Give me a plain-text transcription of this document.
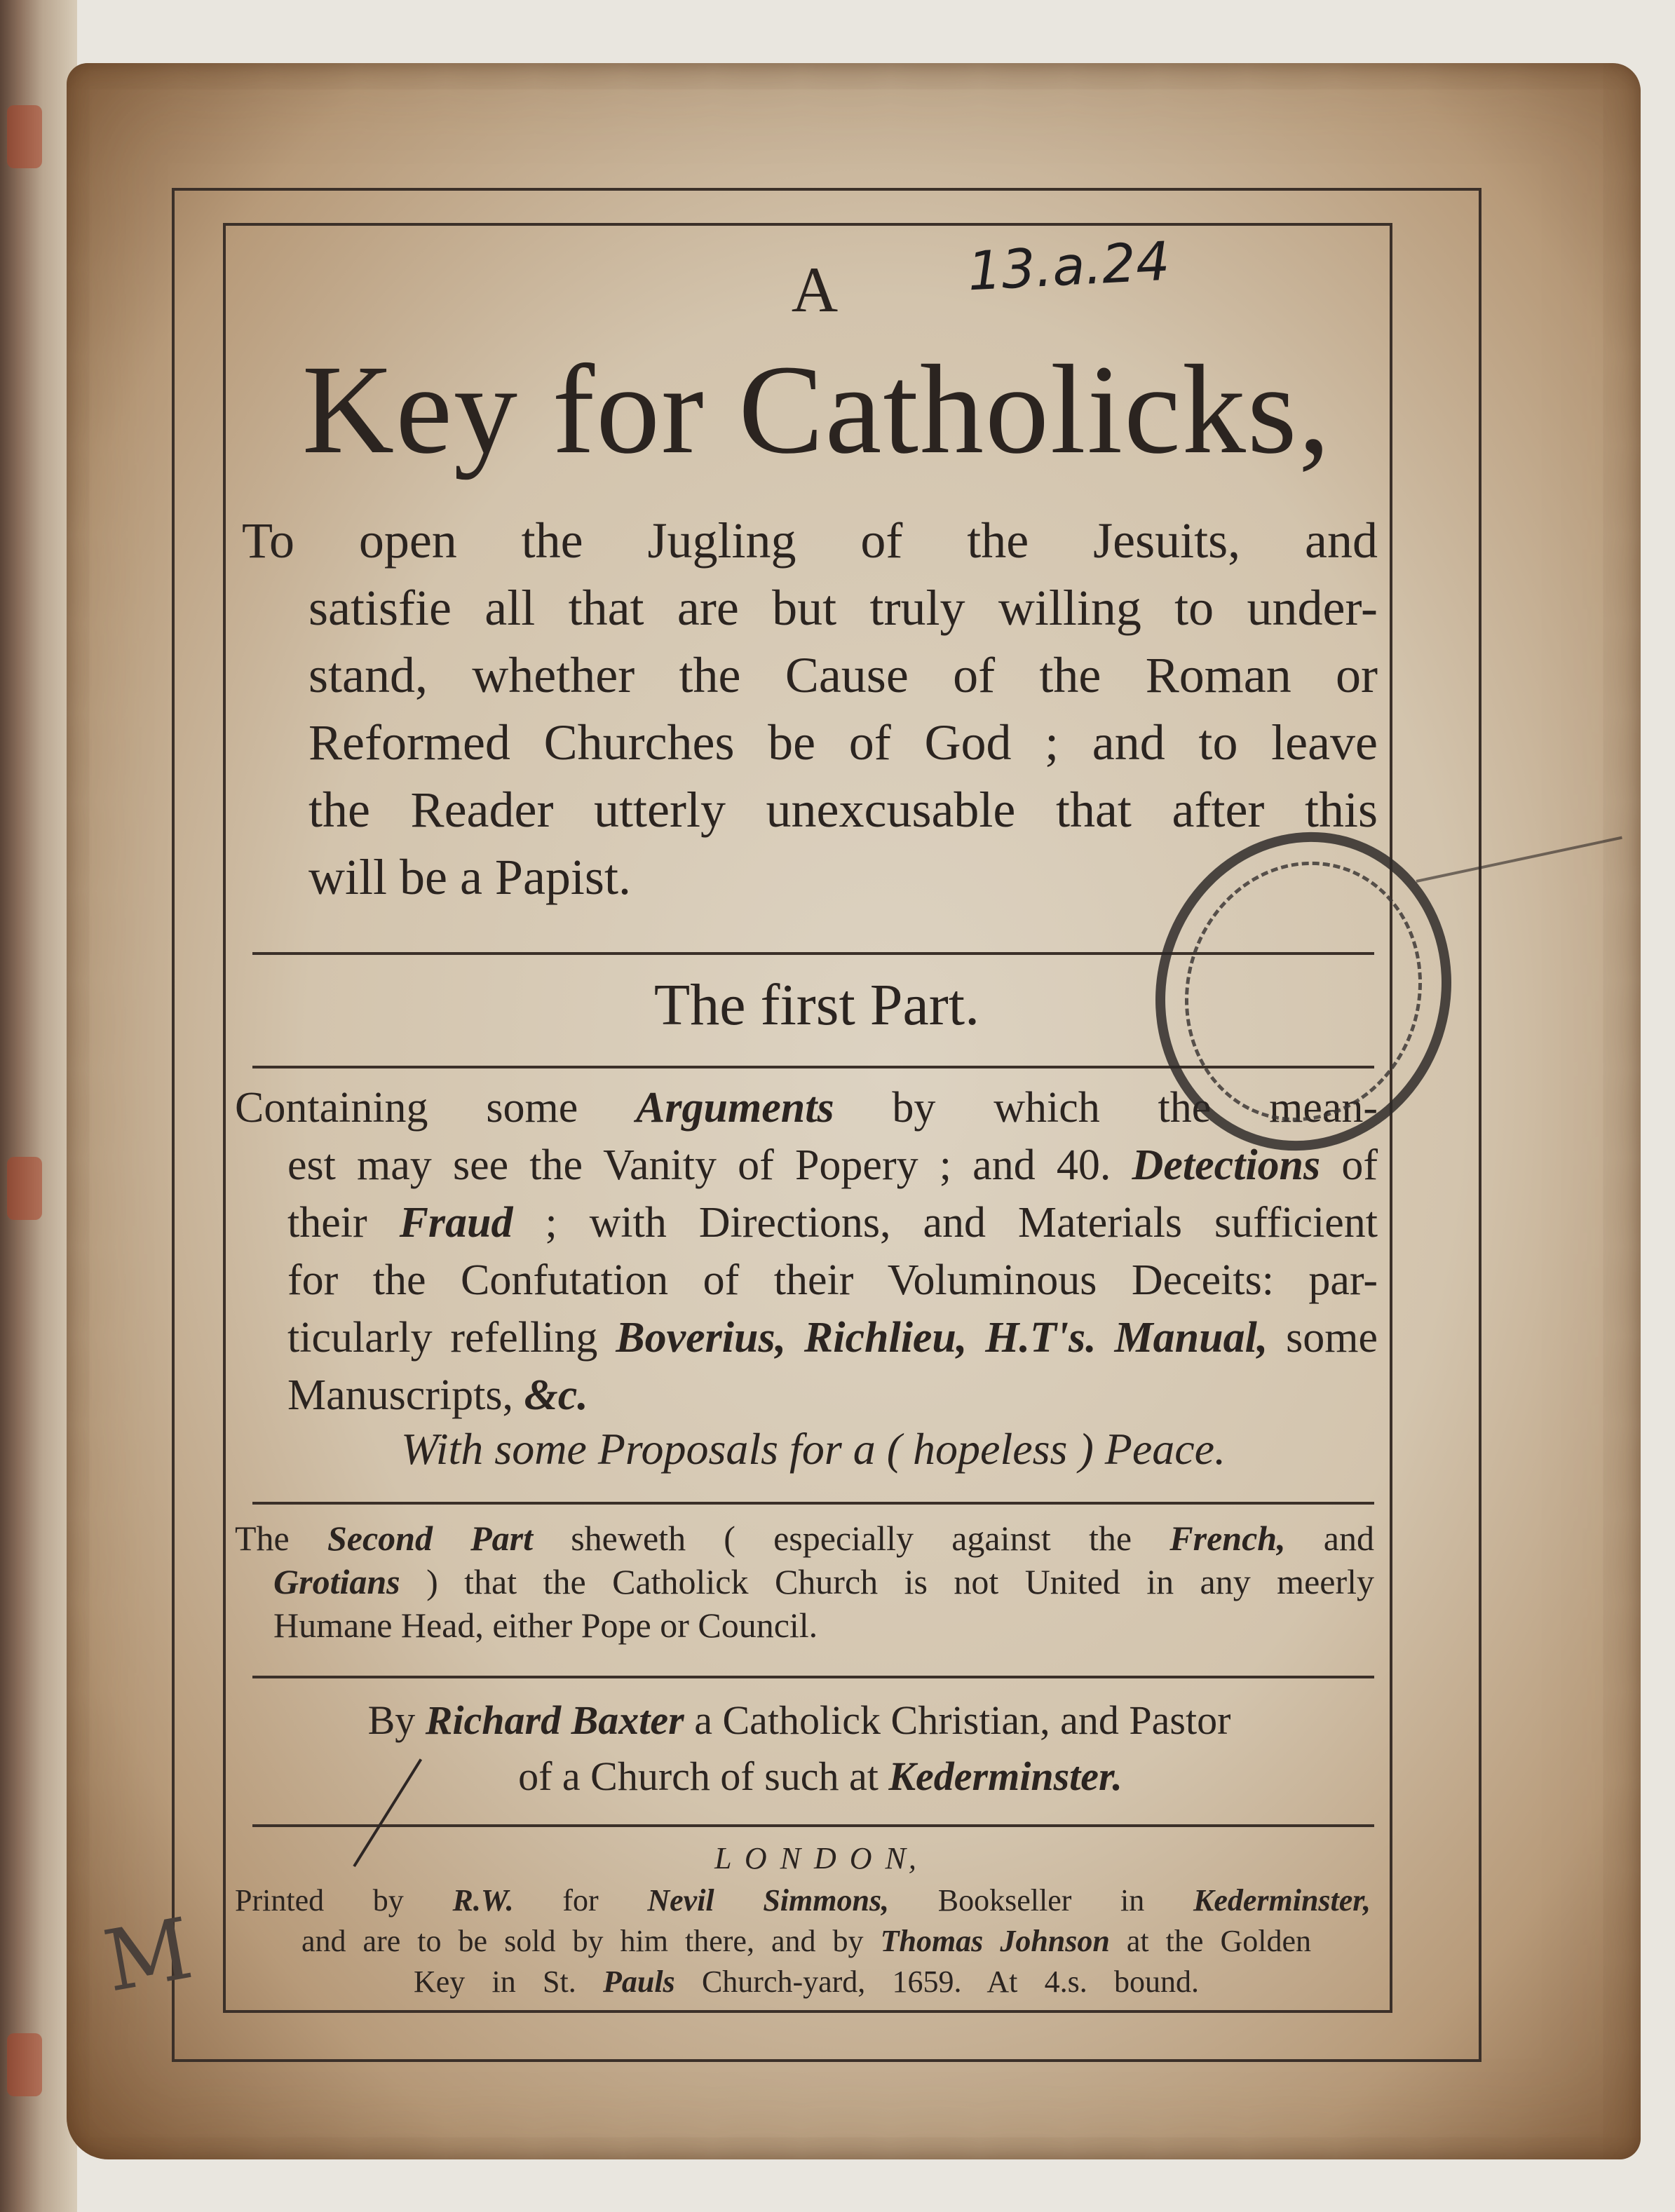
13.a.24
A
Key for Catholicks,
To open the Jugling of the Jesuits, and
satisfie all that are but truly willing to under-
stand, whether the Cause of the Roman or
Reformed Churches be of God ; and to leave
the Reader utterly unexcusable that after this
will be a Papist.
The first Part.
Containing some Arguments by which the mean-
est may see the Vanity of Popery ; and 40. Detections of
their Fraud ; with Directions, and Materials sufficient
for the Confutation of their Voluminous Deceits: par-
ticularly refelling Boverius, Richlieu, H.T's. Manual, some
Manuscripts, &c.
With some Proposals for a ( hopeless ) Peace.
The Second Part sheweth ( especially against the French, and
Grotians ) that the Catholick Church is not United in any meerly
Humane Head, either Pope or Council.
By Richard Baxter a Catholick Christian, and Pastor
of a Church of such at Kederminster.
L O N D O N,
Printed by R.W. for Nevil Simmons, Bookseller in Kederminster,
and are to be sold by him there, and by Thomas Johnson at the Golden
Key in St. Pauls Church-yard, 1659. At 4.s. bound.
M
